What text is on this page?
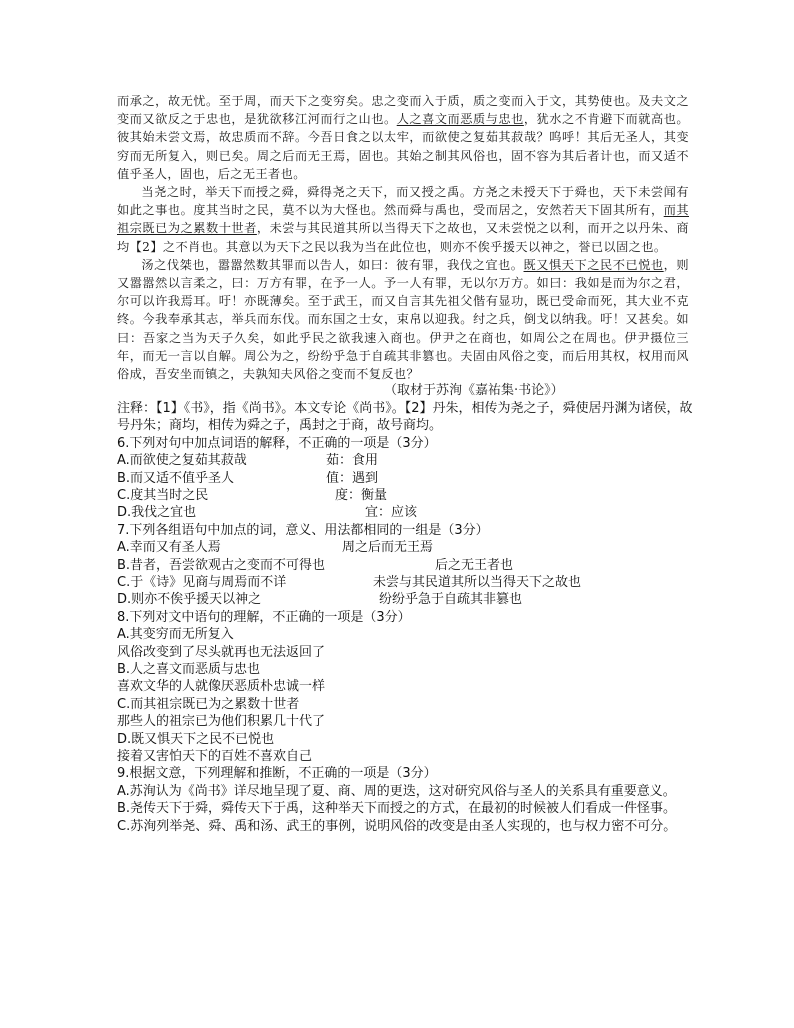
而承之，故无忧。至于周，而天下之变穷矣。忠之变而入于质，质之变而入于文，其势使也。及夫文之变而又欲反之于忠也，是犹欲移江河而行之山也。人之喜文而恶质与忠也，犹水之不肯避下而就高也。彼其始未尝文焉，故忠质而不辞。今吾日食之以太牢，而欲使之复茹其菽哉？呜呼！其后无圣人，其变穷而无所复入，则已矣。周之后而无王焉，固也。其始之制其风俗也，固不容为其后者计也，而又适不值乎圣人，固也，后之无王者也。

当尧之时，举天下而授之舜，舜得尧之天下，而又授之禹。方尧之未授天下于舜也，天下未尝闻有如此之事也。度其当时之民，莫不以为大怪也。然而舜与禹也，受而居之，安然若天下固其所有，而其祖宗既已为之累数十世者，未尝与其民道其所以当得天下之故也，又未尝悦之以利，而开之以丹朱、商均【2】之不肖也。其意以为天下之民以我为当在此位也，则亦不俟乎援天以神之，誉已以固之也。

汤之伐桀也，嚣嚣然数其罪而以告人，如曰：彼有罪，我伐之宜也。既又惧天下之民不已悦也，则又嚣嚣然以言柔之，曰：万方有罪，在予一人。予一人有罪，无以尔万方。如曰：我如是而为尔之君，尔可以许我焉耳。吁！亦既薄矣。至于武王，而又自言其先祖父偕有显功，既已受命而死，其大业不克终。今我奉承其志，举兵而东伐。而东国之士女，束帛以迎我。纣之兵，倒戈以纳我。吁！又甚矣。如曰：吾家之当为天子久矣，如此乎民之欲我速入商也。伊尹之在商也，如周公之在周也。伊尹摄位三年，而无一言以自解。周公为之，纷纷乎急于自疏其非篡也。夫固由风俗之变，而后用其权，权用而风俗成，吾安坐而镇之，夫孰知夫风俗之变而不复反也？

（取材于苏洵《嘉祐集·书论》）

注释：【1】《书》，指《尚书》。本文专论《尚书》。【2】丹朱，相传为尧之子，舜使居丹渊为诸侯，故号丹朱；商均，相传为舜之子，禹封之于商，故号商均。

6.下列对句中加点词语的解释，不正确的一项是（3分）

A.而欲使之复茹其菽哉	茹：食用
B.而又适不值乎圣人	值：遇到
C.度其当时之民	度：衡量
D.我伐之宜也	宜：应该

7.下列各组语句中加点的词，意义、用法都相同的一组是（3分）

A.幸而又有圣人焉	周之后而无王焉
B.昔者，吾尝欲观古之变而不可得也	后之无王者也
C.于《诗》见商与周焉而不详	未尝与其民道其所以当得天下之故也
D.则亦不俟乎援天以神之	纷纷乎急于自疏其非篡也

8.下列对文中语句的理解，不正确的一项是（3分）

A.其变穷而无所复入

风俗改变到了尽头就再也无法返回了

B.人之喜文而恶质与忠也

喜欢文华的人就像厌恶质朴忠诚一样

C.而其祖宗既已为之累数十世者

那些人的祖宗已为他们积累几十代了

D.既又惧天下之民不已悦也

接着又害怕天下的百姓不喜欢自己

9.根据文意，下列理解和推断，不正确的一项是（3分）

A.苏洵认为《尚书》详尽地呈现了夏、商、周的更迭，这对研究风俗与圣人的关系具有重要意义。

B.尧传天下于舜，舜传天下于禹，这种举天下而授之的方式，在最初的时候被人们看成一件怪事。

C.苏洵列举尧、舜、禹和汤、武王的事例，说明风俗的改变是由圣人实现的，也与权力密不可分。
